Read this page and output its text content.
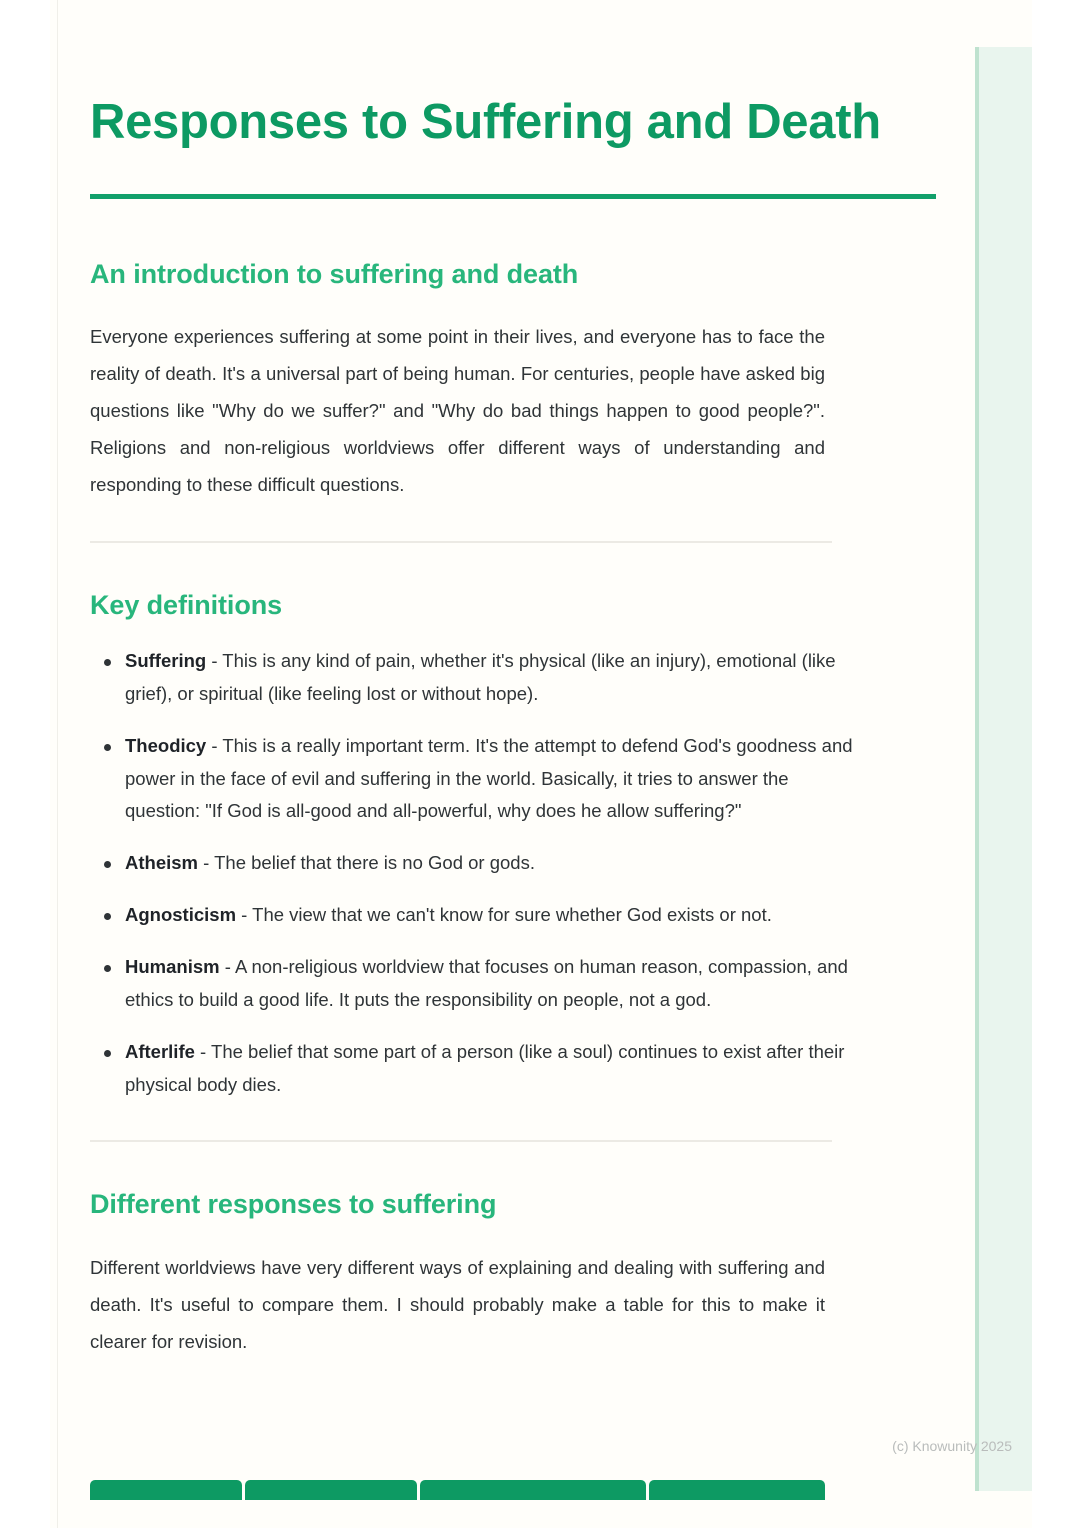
Responses to Suffering and Death
An introduction to suffering and death

Everyone experiences suffering at some point in their lives, and everyone has to face the reality of death. It's a universal part of being human. For centuries, people have asked big questions like "Why do we suffer?" and "Why do bad things happen to good people?". Religions and non-religious worldviews offer different ways of understanding and responding to these difficult questions.

Key definitions
Suffering - This is any kind of pain, whether it's physical (like an injury), emotional (like grief), or spiritual (like feeling lost or without hope).
Theodicy - This is a really important term. It's the attempt to defend God's goodness and power in the face of evil and suffering in the world. Basically, it tries to answer the question: "If God is all-good and all-powerful, why does he allow suffering?"
Atheism - The belief that there is no God or gods.
Agnosticism - The view that we can't know for sure whether God exists or not.
Humanism - A non-religious worldview that focuses on human reason, compassion, and ethics to build a good life. It puts the responsibility on people, not a god.
Afterlife - The belief that some part of a person (like a soul) continues to exist after their physical body dies.
Different responses to suffering

Different worldviews have very different ways of explaining and dealing with suffering and death. It's useful to compare them. I should probably make a table for this to make it clearer for revision.

(c) Knowunity 2025
